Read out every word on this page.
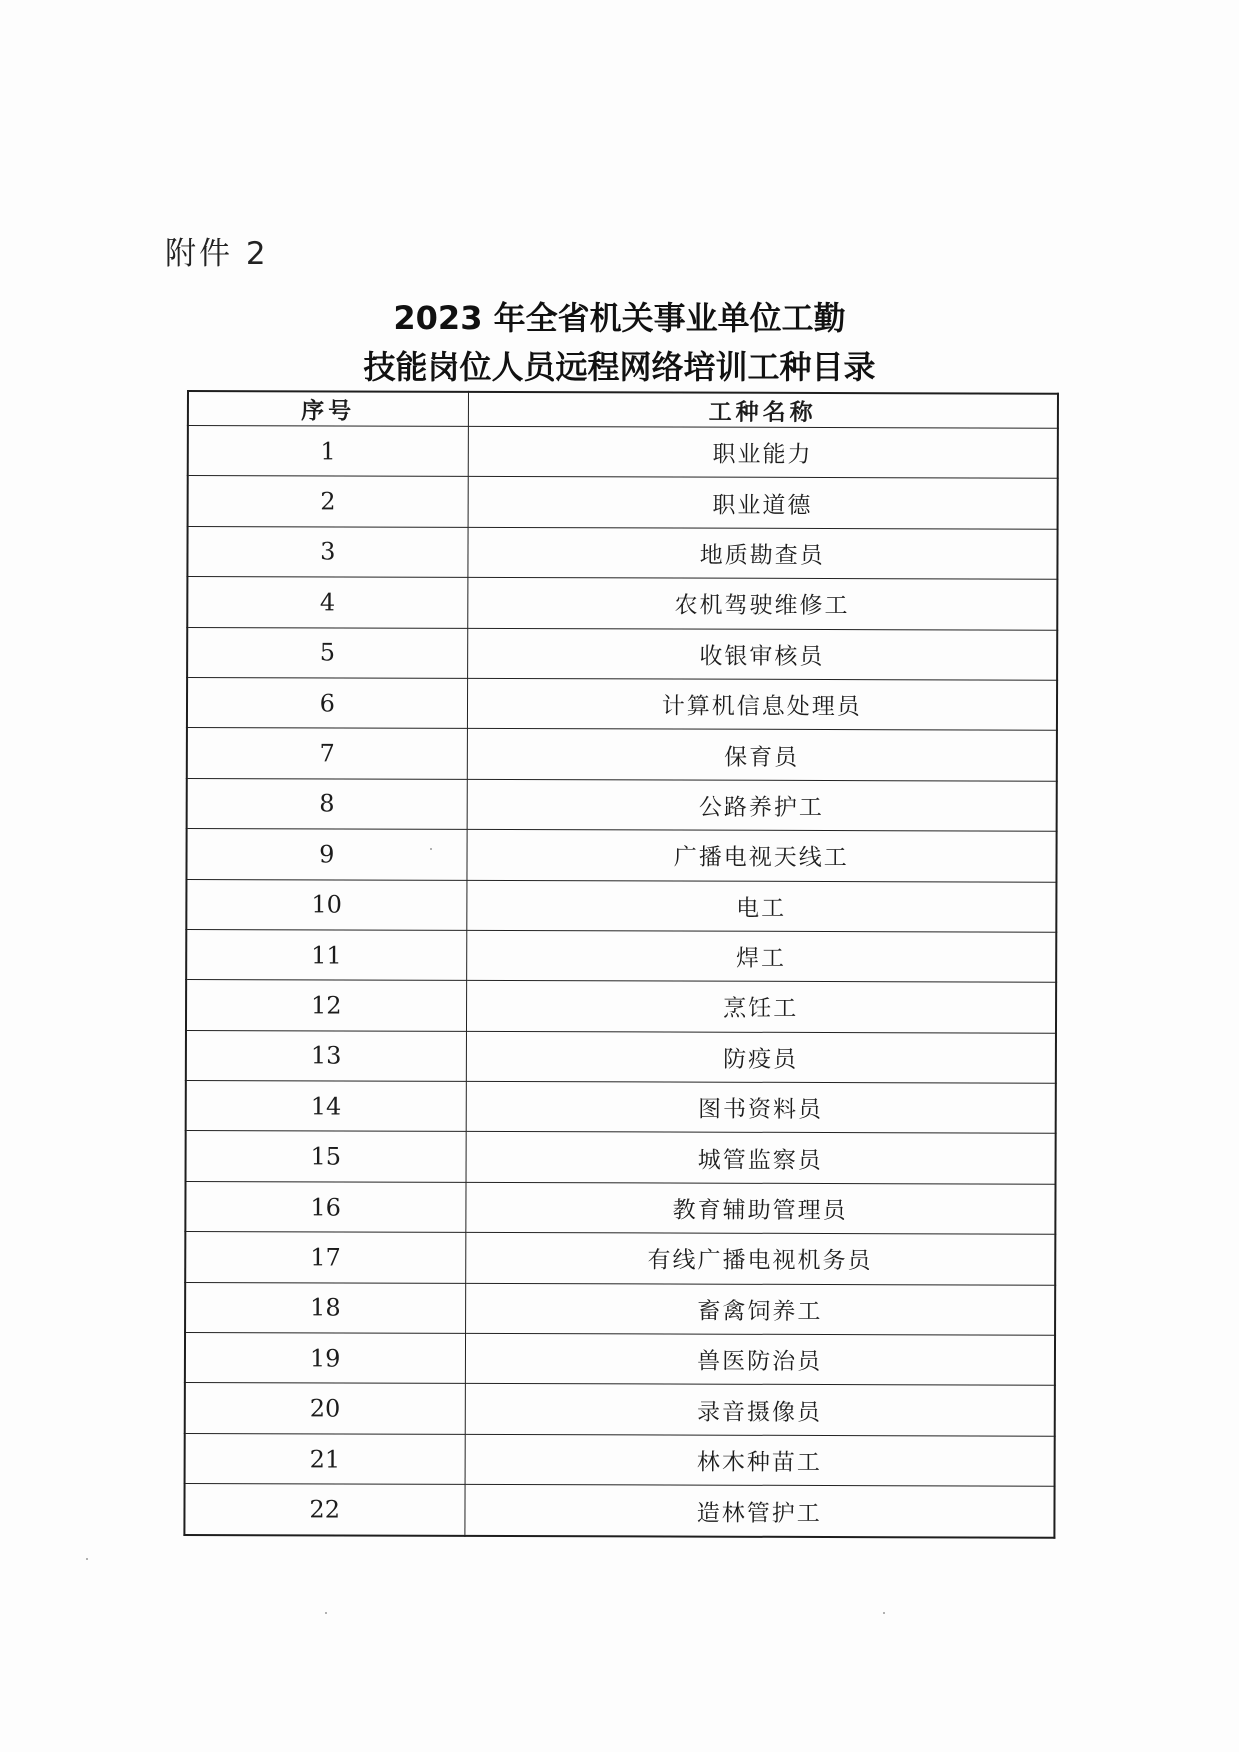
附件 2
2023 年全省机关事业单位工勤
技能岗位人员远程网络培训工种目录
序号	工种名称
1	职业能力
2	职业道德
3	地质勘查员
4	农机驾驶维修工
5	收银审核员
6	计算机信息处理员
7	保育员
8	公路养护工
9	广播电视天线工
10	电工
11	焊工
12	烹饪工
13	防疫员
14	图书资料员
15	城管监察员
16	教育辅助管理员
17	有线广播电视机务员
18	畜禽饲养工
19	兽医防治员
20	录音摄像员
21	林木种苗工
22	造林管护工
